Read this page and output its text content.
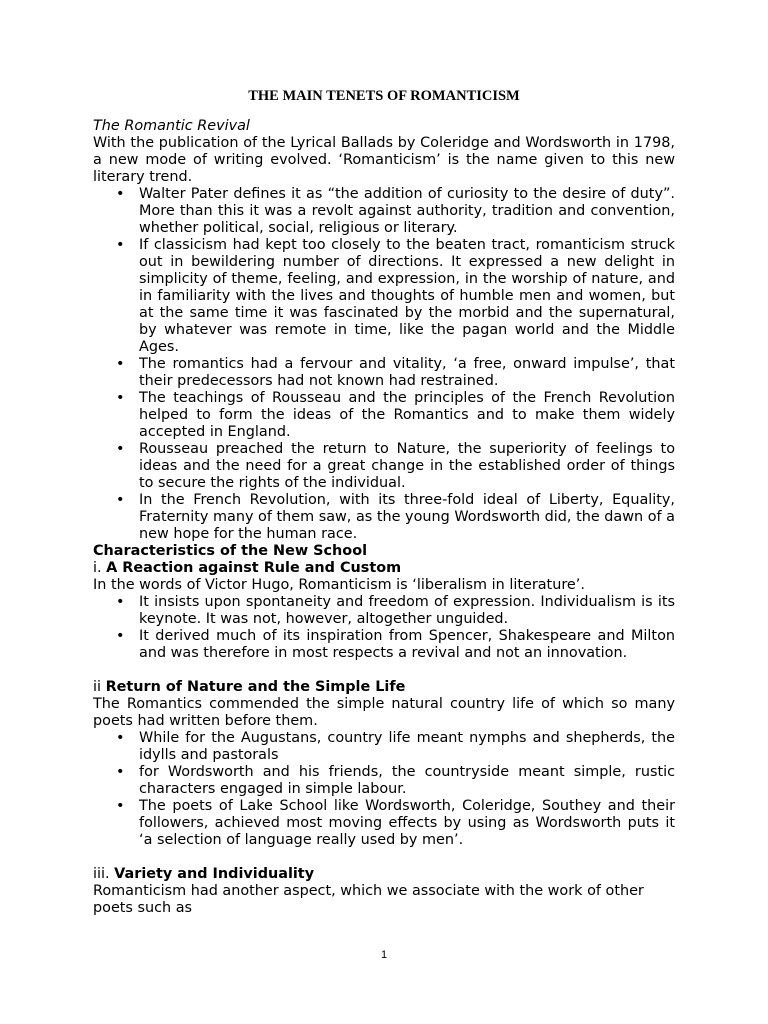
THE MAIN TENETS OF ROMANTICISM

The Romantic Revival

With the publication of the Lyrical Ballads by Coleridge and Wordsworth in 1798, a new mode of writing evolved. ‘Romanticism’ is the name given to this new literary trend.

• Walter Pater defines it as “the addition of curiosity to the desire of duty”. More than this it was a revolt against authority, tradition and convention, whether political, social, religious or literary.
• If classicism had kept too closely to the beaten tract, romanticism struck out in bewildering number of directions. It expressed a new delight in simplicity of theme, feeling, and expression, in the worship of nature, and in familiarity with the lives and thoughts of humble men and women, but at the same time it was fascinated by the morbid and the supernatural, by whatever was remote in time, like the pagan world and the Middle Ages.
• The romantics had a fervour and vitality, ‘a free, onward impulse’, that their predecessors had not known had restrained.
• The teachings of Rousseau and the principles of the French Revolution helped to form the ideas of the Romantics and to make them widely accepted in England.
• Rousseau preached the return to Nature, the superiority of feelings to ideas and the need for a great change in the established order of things to secure the rights of the individual.
• In the French Revolution, with its three-fold ideal of Liberty, Equality, Fraternity many of them saw, as the young Wordsworth did, the dawn of a new hope for the human race.

Characteristics of the New School

i. A Reaction against Rule and Custom

In the words of Victor Hugo, Romanticism is ‘liberalism in literature’.

• It insists upon spontaneity and freedom of expression. Individualism is its keynote. It was not, however, altogether unguided.
• It derived much of its inspiration from Spencer, Shakespeare and Milton and was therefore in most respects a revival and not an innovation.

ii Return of Nature and the Simple Life

The Romantics commended the simple natural country life of which so many poets had written before them.

• While for the Augustans, country life meant nymphs and shepherds, the idylls and pastorals
• for Wordsworth and his friends, the countryside meant simple, rustic characters engaged in simple labour.
• The poets of Lake School like Wordsworth, Coleridge, Southey and their followers, achieved most moving effects by using as Wordsworth puts it ‘a selection of language really used by men’.

iii. Variety and Individuality

Romanticism had another aspect, which we associate with the work of other poets such as

1
